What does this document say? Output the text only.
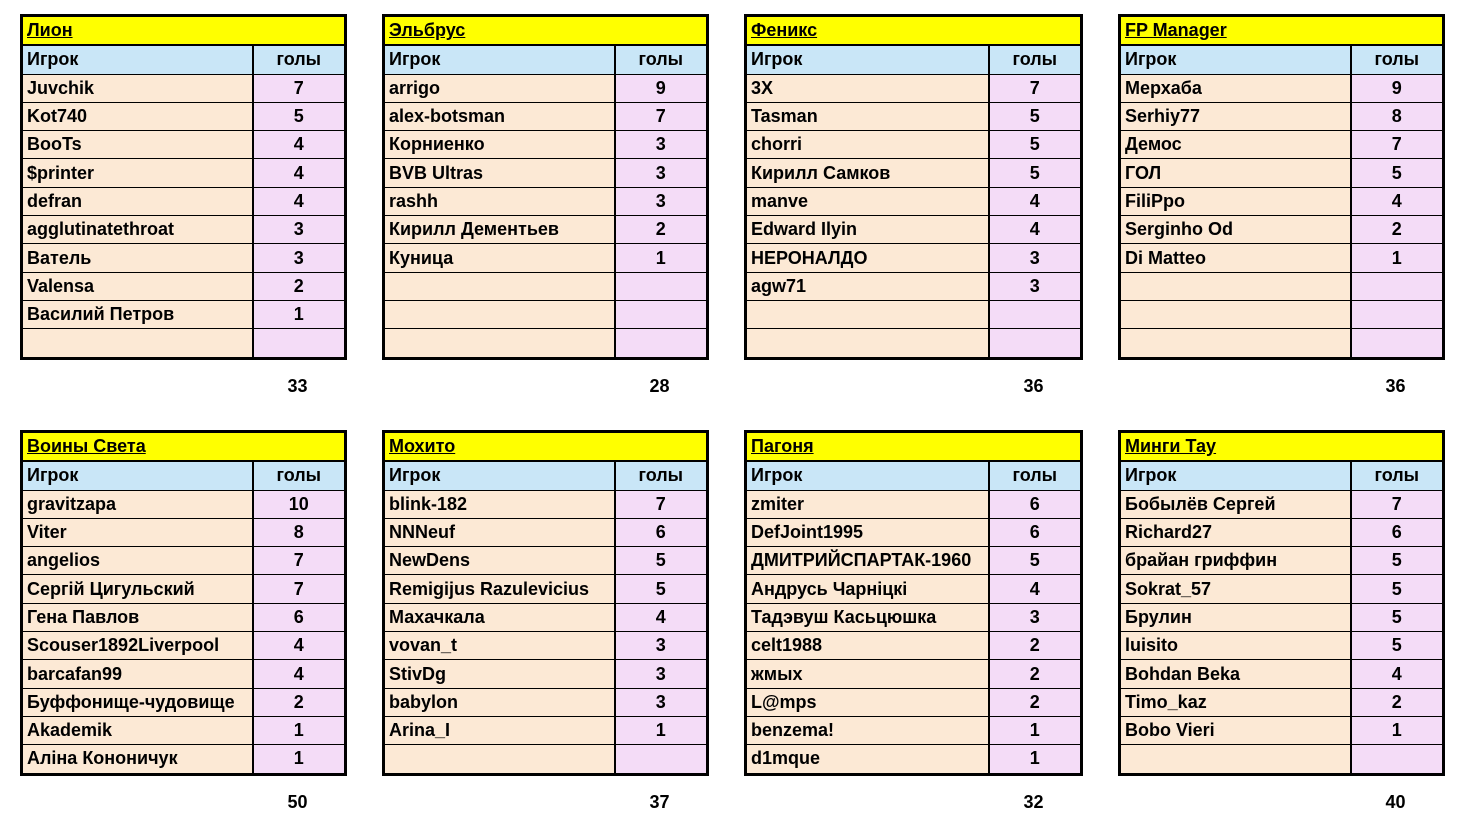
Лион	
Игрок	голы
Juvchik	7
Kot740	5
BooTs	4
$printer	4
defran	4
agglutinatethroat	3
Ватель	3
Valensa	2
Василий Петров	1

33
Эльбрус	
Игрок	голы
arrigo	9
alex-botsman	7
Корниенко	3
BVB Ultras	3
rashh	3
Кирилл Дементьев	2
Куница	1

28
Феникс	
Игрок	голы
3X	7
Tasman	5
chorri	5
Кирилл Самков	5
manve	4
Edward Ilyin	4
НЕРОНАЛДО	3
agw71	3

36
FP Manager	
Игрок	голы
Мерхаба	9
Serhiy77	8
Демос	7
ГОЛ	5
FiliPpo	4
Serginho Od	2
Di Matteo	1

36
Воины Света	
Игрок	голы
gravitzapa	10
Viter	8
angelios	7
Сергій Цигульский	7
Гена Павлов	6
Scouser1892Liverpool	4
barcafan99	4
Буффонище-чудовище	2
Akademik	1
Аліна Кононичук	1
50
Мохито	
Игрок	голы
blink-182	7
NNNeuf	6
NewDens	5
Remigijus Razulevicius	5
Махачкала	4
vovan_t	3
StivDg	3
babylon	3
Arina_I	1

37
Пагоня	
Игрок	голы
zmiter	6
DefJoint1995	6
ДМИТРИЙСПАРТАК-1960	5
Андрусь Чарніцкі	4
Тадэвуш Касьцюшка	3
celt1988	2
жмых	2
L@mps	2
benzema!	1
d1mque	1
32
Минги Тау	
Игрок	голы
Бобылёв Сергей	7
Richard27	6
брайан гриффин	5
Sokrat_57	5
Брулин	5
luisito	5
Bohdan Beka	4
Timo_kaz	2
Bobo Vieri	1

40
